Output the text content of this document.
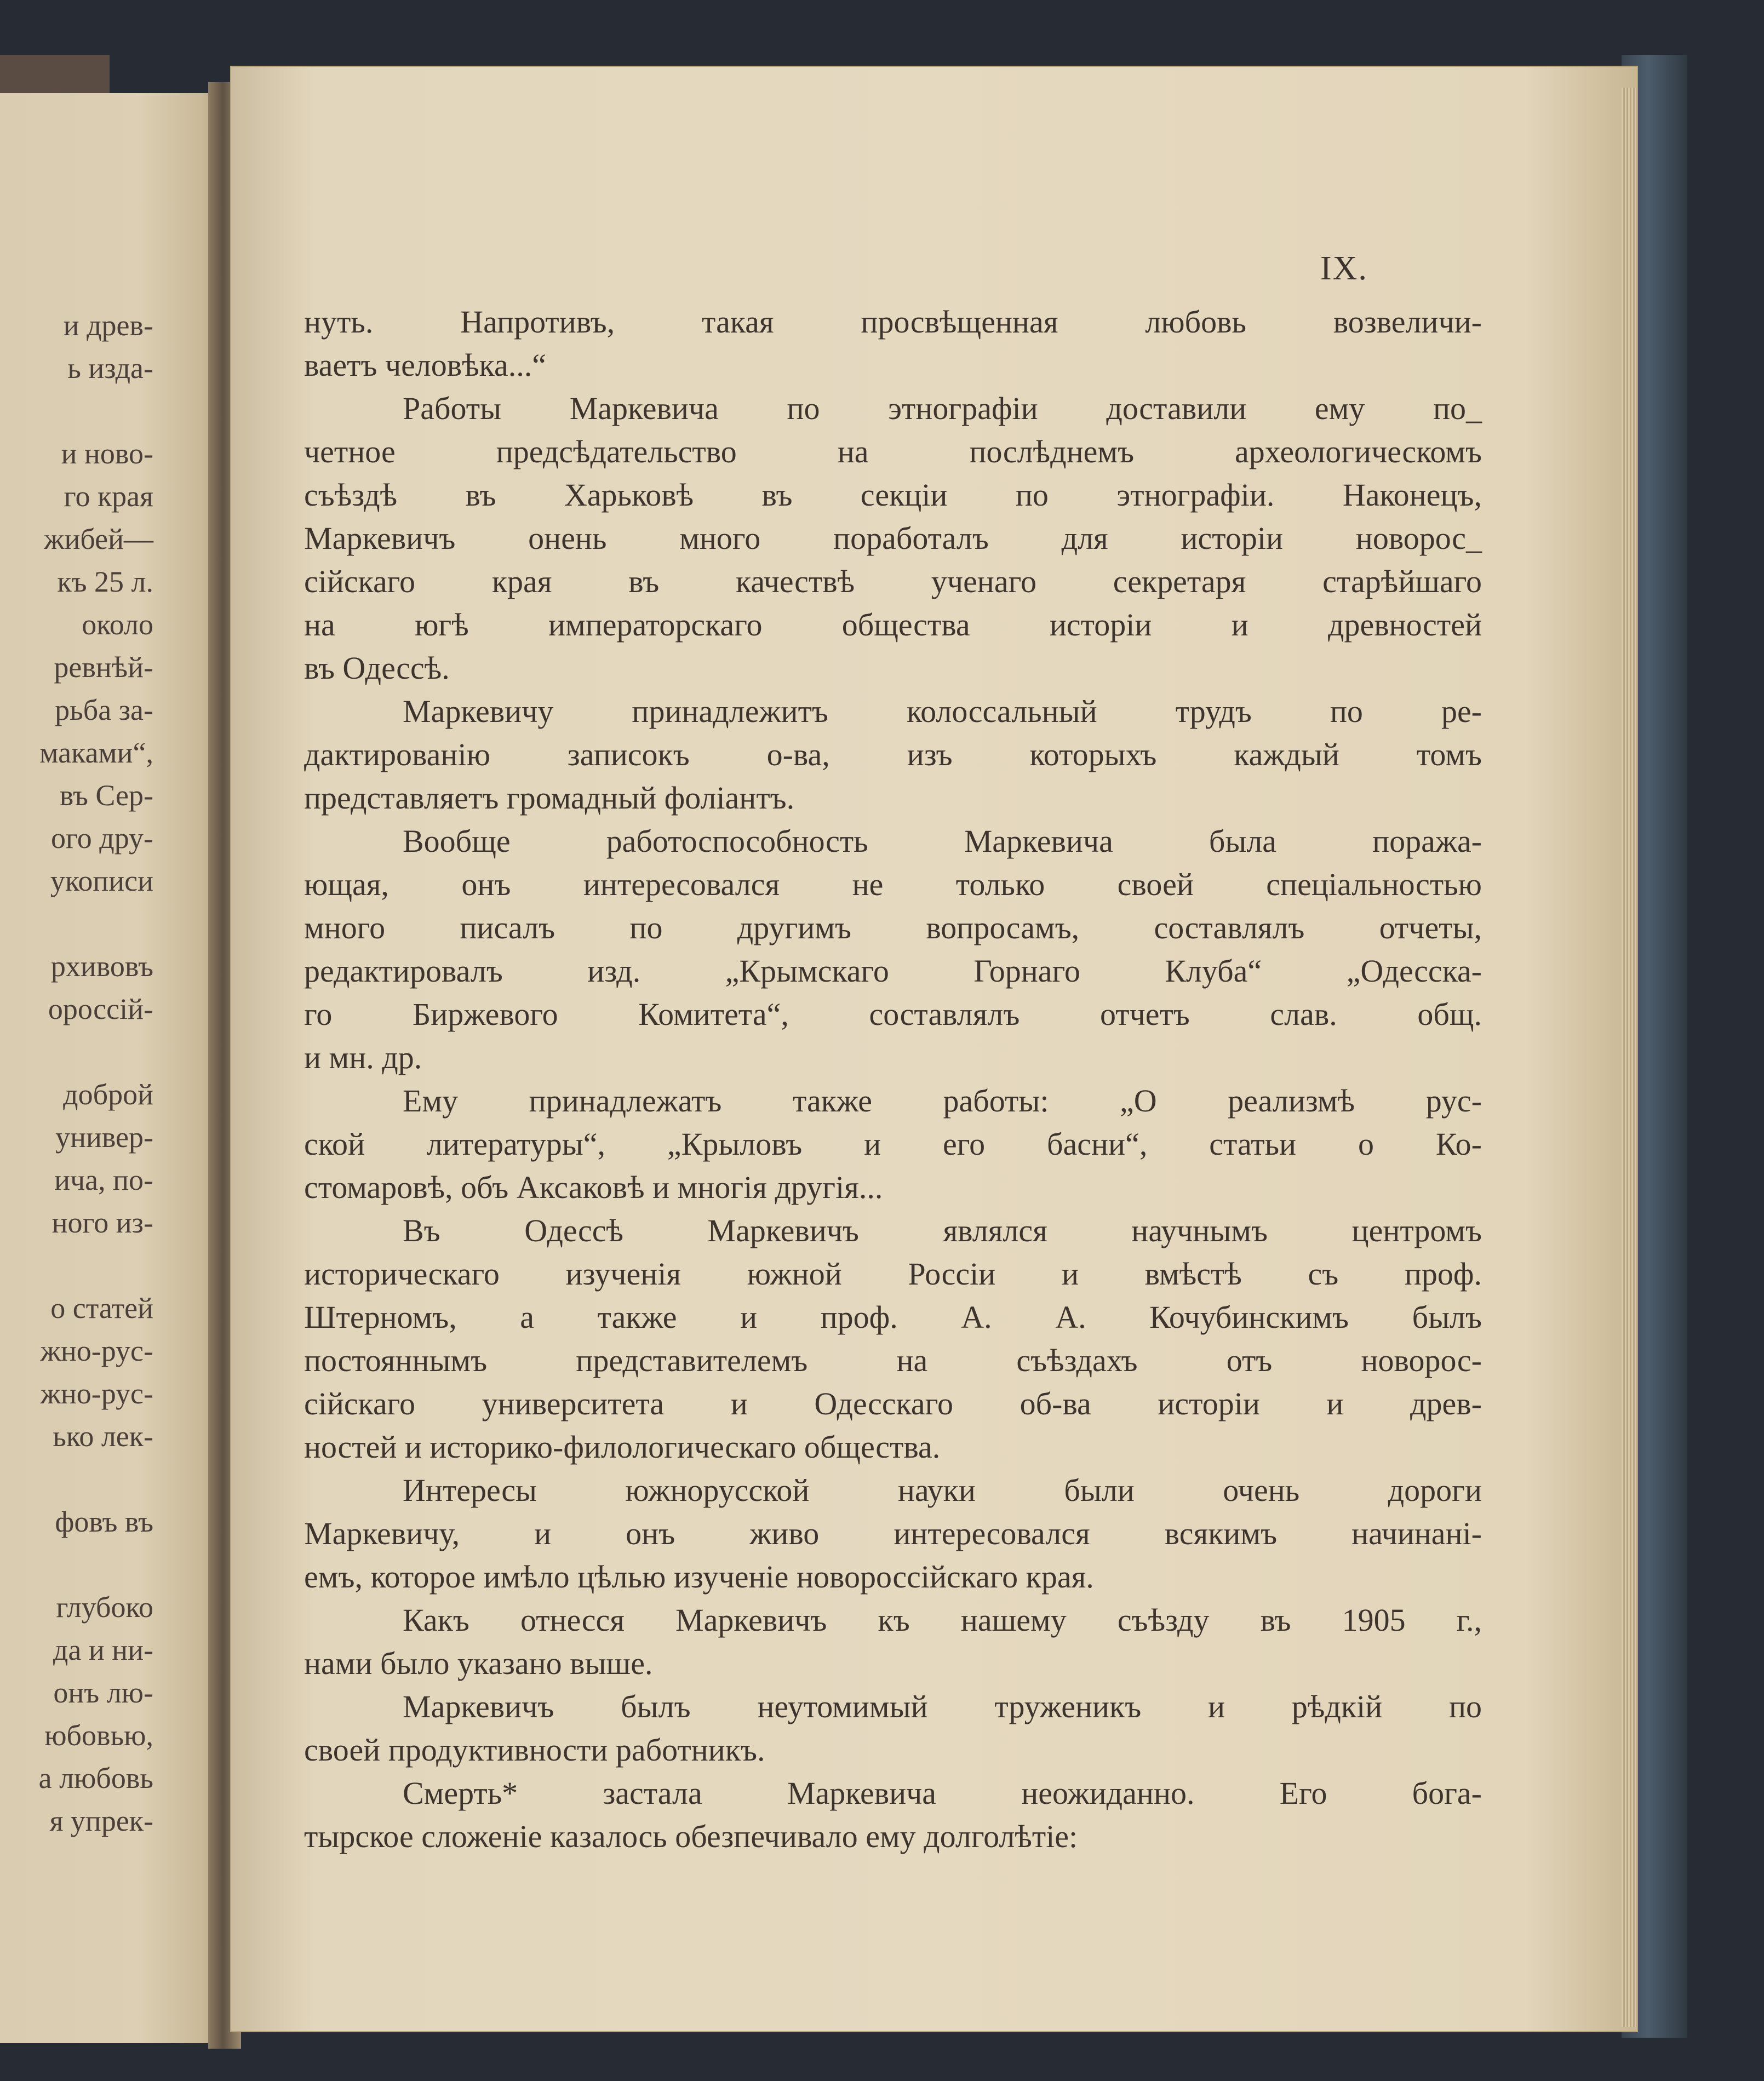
и древ-
ь изда-
и ново-
го края
жибей—
къ 25 л.
около
ревнѣй-
рьба за-
маками“,
въ Сер-
ого дру-
укописи
рхивовъ
ороссій-
доброй
универ-
ича, по-
ного из-
о статей
жно-рус-
жно-рус-
ько лек-
фовъ въ
глубоко
да и ни-
онъ лю-
юбовью,
а любовь
я упрек-
IX.
нуть. Напротивъ, такая просвѣщенная любовь возвеличи-
ваетъ человѣка...“
Работы Маркевича по этнографіи доставили ему по_
четное предсѣдательство на послѣднемъ археологическомъ
съѣздѣ въ Харьковѣ въ секціи по этнографіи. Наконецъ,
Маркевичъ онень много поработалъ для исторіи новорос_
сійскаго края въ качествѣ ученаго секретаря старѣйшаго
на югѣ императорскаго общества исторіи и древностей
въ Одессѣ.
Маркевичу принадлежитъ колоссальный трудъ по ре-
дактированію записокъ о-ва, изъ которыхъ каждый томъ
представляетъ громадный фоліантъ.
Вообще работоспособность Маркевича была поража-
ющая, онъ интересовался не только своей спеціальностью
много писалъ по другимъ вопросамъ, составлялъ отчеты,
редактировалъ изд. „Крымскаго Горнаго Клуба“ „Одесска-
го Биржевого Комитета“, составлялъ отчетъ слав. общ.
и мн. др.
Ему принадлежатъ также работы: „О реализмѣ рус-
ской литературы“, „Крыловъ и его басни“, статьи о Ко-
стомаровѣ, объ Аксаковѣ и многія другія...
Въ Одессѣ Маркевичъ являлся научнымъ центромъ
историческаго изученія южной Россіи и вмѣстѣ съ проф.
Штерномъ, а также и проф. А. А. Кочубинскимъ былъ
постояннымъ представителемъ на съѣздахъ отъ новорос-
сійскаго университета и Одесскаго об-ва исторіи и древ-
ностей и историко-филологическаго общества.
Интересы южнорусской науки были очень дороги
Маркевичу, и онъ живо интересовался всякимъ начинані-
емъ, которое имѣло цѣлью изученіе новороссійскаго края.
Какъ отнесся Маркевичъ къ нашему съѣзду въ 1905 г.,
нами было указано выше.
Маркевичъ былъ неутомимый труженикъ и рѣдкій по
своей продуктивности работникъ.
Смерть* застала Маркевича неожиданно. Его бога-
тырское сложеніе казалось обезпечивало ему долголѣтіе:
